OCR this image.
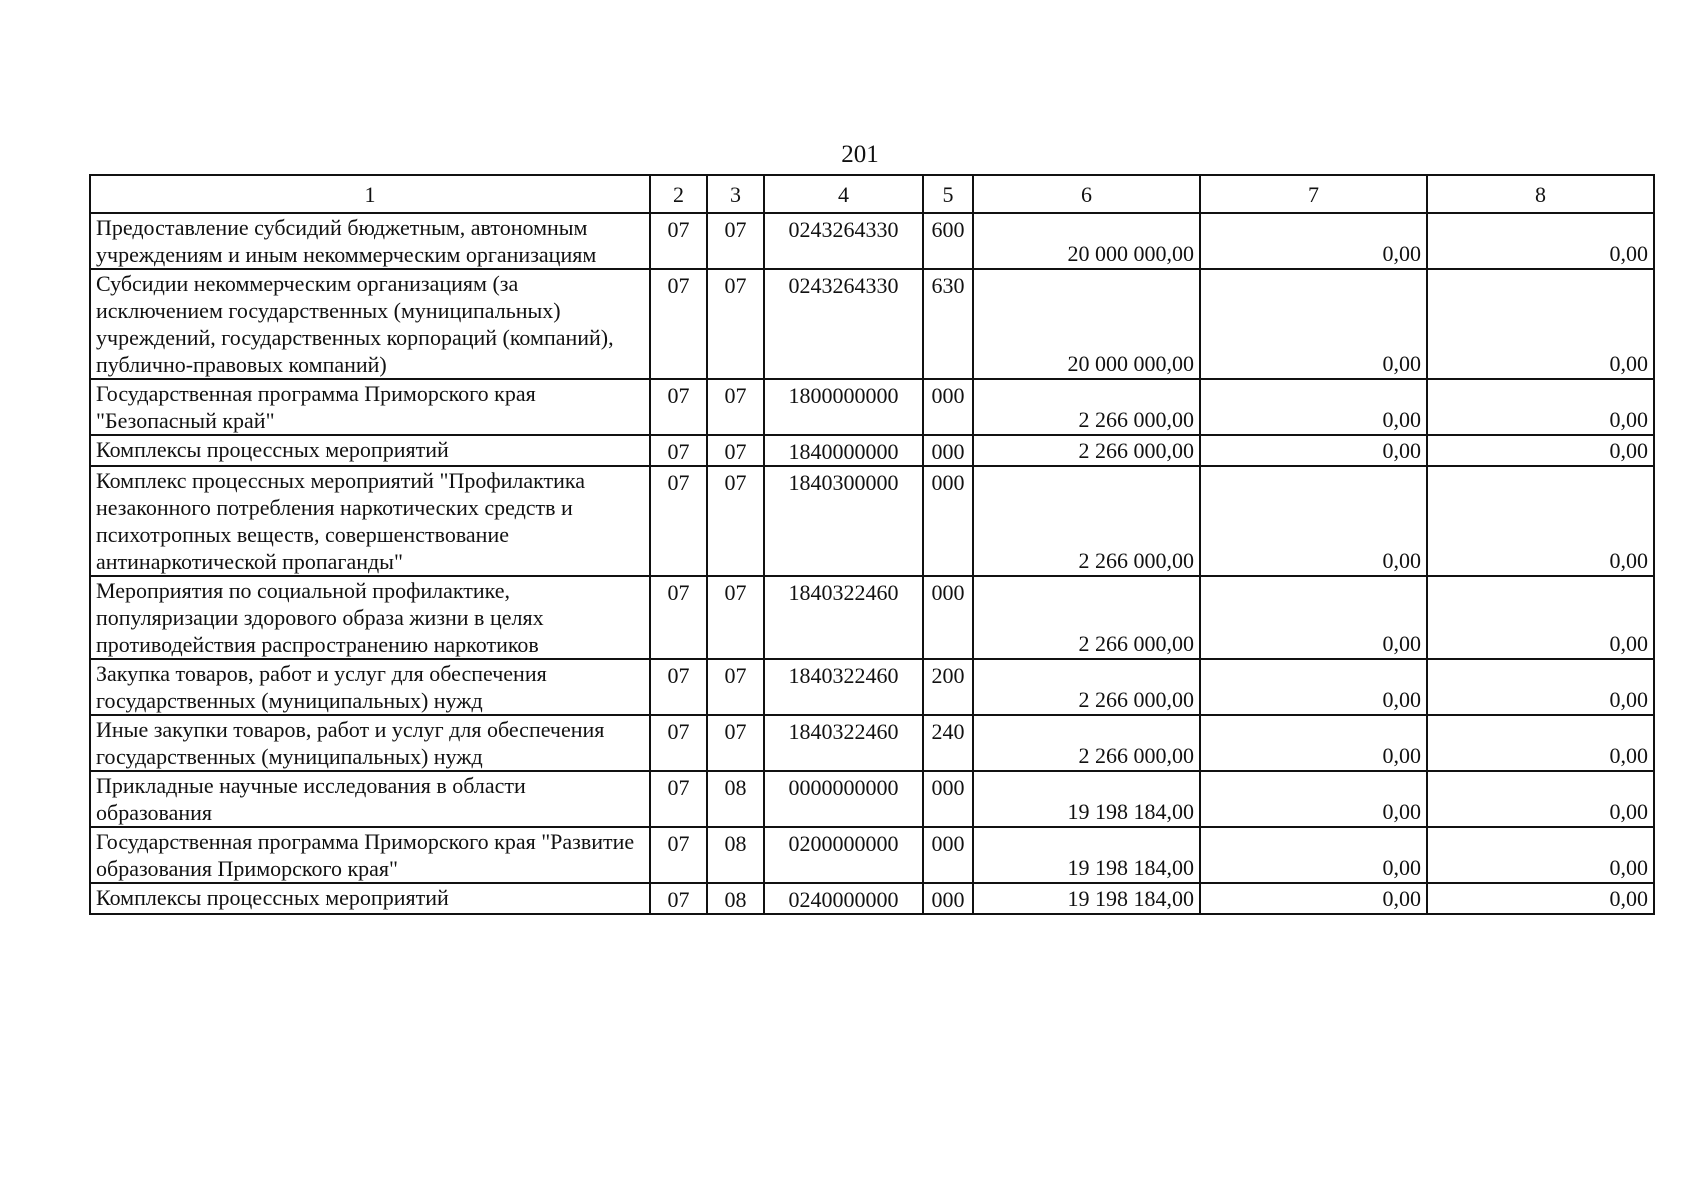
201
1	2	3	4	5	6	7	8
Предоставление субсидий бюджетным, автономным учреждениям и иным некоммерческим организациям	07	07	0243264330	600	20 000 000,00	0,00	0,00
Субсидии некоммерческим организациям (за исключением государственных (муниципальных) учреждений, государственных корпораций (компаний), публично-правовых компаний)	07	07	0243264330	630	20 000 000,00	0,00	0,00
Государственная программа Приморского края "Безопасный край"	07	07	1800000000	000	2 266 000,00	0,00	0,00
Комплексы процессных мероприятий	07	07	1840000000	000	2 266 000,00	0,00	0,00
Комплекс процессных мероприятий "Профилактика незаконного потребления наркотических средств и психотропных веществ, совершенствование антинаркотической пропаганды"	07	07	1840300000	000	2 266 000,00	0,00	0,00
Мероприятия по социальной профилактике, популяризации здорового образа жизни в целях противодействия распространению наркотиков	07	07	1840322460	000	2 266 000,00	0,00	0,00
Закупка товаров, работ и услуг для обеспечения государственных (муниципальных) нужд	07	07	1840322460	200	2 266 000,00	0,00	0,00
Иные закупки товаров, работ и услуг для обеспечения государственных (муниципальных) нужд	07	07	1840322460	240	2 266 000,00	0,00	0,00
Прикладные научные исследования в области образования	07	08	0000000000	000	19 198 184,00	0,00	0,00
Государственная программа Приморского края "Развитие образования Приморского края"	07	08	0200000000	000	19 198 184,00	0,00	0,00
Комплексы процессных мероприятий	07	08	0240000000	000	19 198 184,00	0,00	0,00
